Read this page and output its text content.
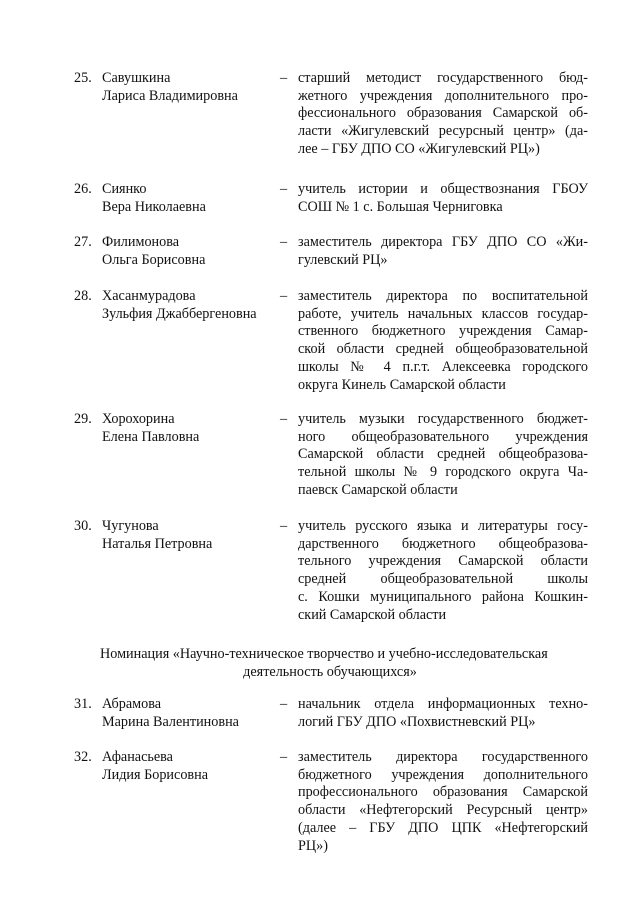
25. Савушкина
Лариса Владимировна
– старший методист государственного бюд-
жетного учреждения дополнительного про-
фессионального образования Самарской об-
ласти «Жигулевский ресурсный центр» (да-
лее – ГБУ ДПО СО «Жигулевский РЦ»)
26. Сиянко
Вера Николаевна
– учитель истории и обществознания ГБОУ
СОШ № 1 с. Большая Черниговка
27. Филимонова
Ольга Борисовна
– заместитель директора ГБУ ДПО СО «Жи-
гулевский РЦ»
28. Хасанмурадова
Зульфия Джаббергеновна
– заместитель директора по воспитательной
работе, учитель начальных классов государ-
ственного бюджетного учреждения Самар-
ской области средней общеобразовательной
школы № 4 п.г.т. Алексеевка городского
округа Кинель Самарской области
29. Хорохорина
Елена Павловна
– учитель музыки государственного бюджет-
ного общеобразовательного учреждения
Самарской области средней общеобразова-
тельной школы № 9 городского округа Ча-
паевск Самарской области
30. Чугунова
Наталья Петровна
– учитель русского языка и литературы госу-
дарственного бюджетного общеобразова-
тельного учреждения Самарской области
средней общеобразовательной школы
с. Кошки муниципального района Кошкин-
ский Самарской области
31. Абрамова
Марина Валентиновна
– начальник отдела информационных техно-
логий ГБУ ДПО «Похвистневский РЦ»
32. Афанасьева
Лидия Борисовна
– заместитель директора государственного
бюджетного учреждения дополнительного
профессионального образования Самарской
области «Нефтегорский Ресурсный центр»
(далее – ГБУ ДПО ЦПК «Нефтегорский
РЦ»)
Номинация «Научно-техническое творчество и учебно-исследовательская
деятельность обучающихся»
